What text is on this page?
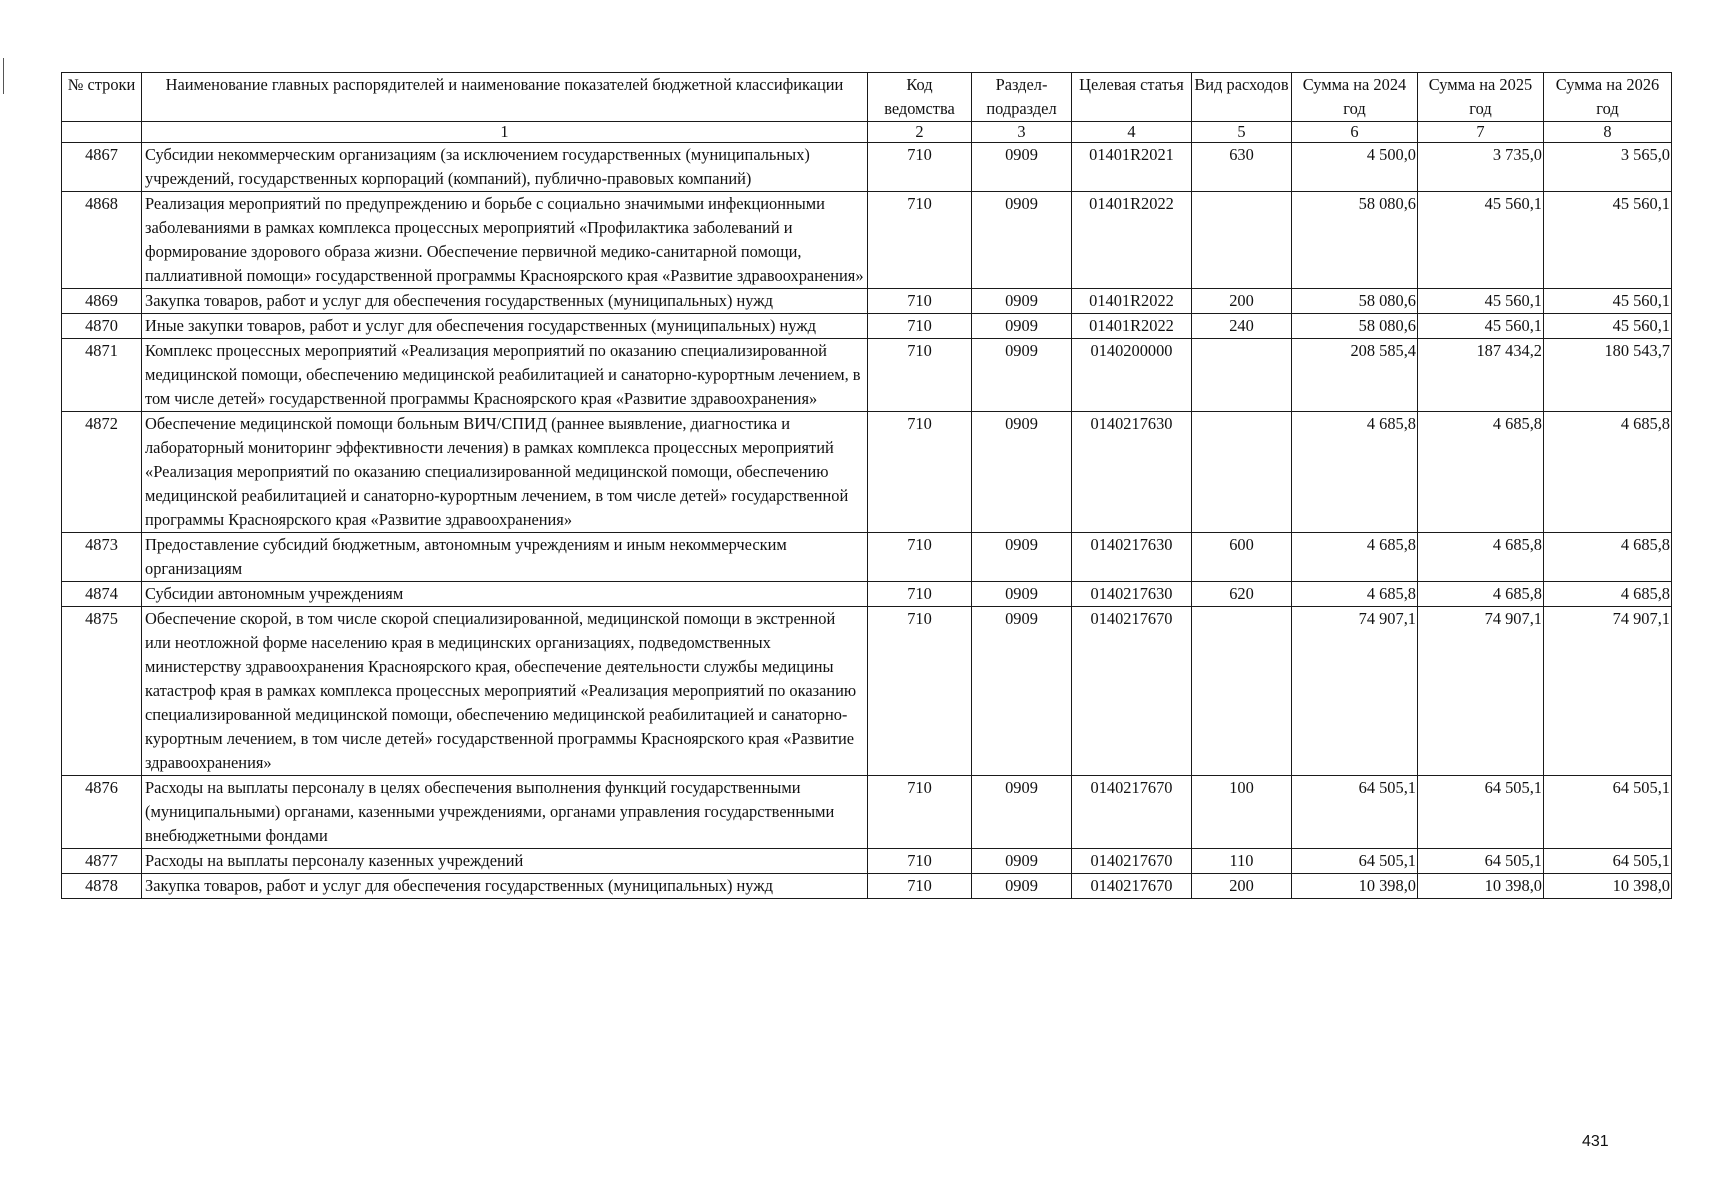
№ строки	Наименование главных распорядителей и наименование показателей бюджетной классификации	Код ведомства	Раздел-подраздел	Целевая статья	Вид расходов	Сумма на 2024 год	Сумма на 2025 год	Сумма на 2026 год
	1	2	3	4	5	6	7	8
4867	Субсидии некоммерческим организациям (за исключением государственных (муниципальных) учреждений, государственных корпораций (компаний), публично-правовых компаний)	710	0909	01401R2021	630	4 500,0	3 735,0	3 565,0
4868	Реализация мероприятий по предупреждению и борьбе с социально значимыми инфекционными заболеваниями в рамках комплекса процессных мероприятий «Профилактика заболеваний и формирование здорового образа жизни. Обеспечение первичной медико-санитарной помощи, паллиативной помощи» государственной программы Красноярского края «Развитие здравоохранения»	710	0909	01401R2022		58 080,6	45 560,1	45 560,1
4869	Закупка товаров, работ и услуг для обеспечения государственных (муниципальных) нужд	710	0909	01401R2022	200	58 080,6	45 560,1	45 560,1
4870	Иные закупки товаров, работ и услуг для обеспечения государственных (муниципальных) нужд	710	0909	01401R2022	240	58 080,6	45 560,1	45 560,1
4871	Комплекс процессных мероприятий «Реализация мероприятий по оказанию специализированной медицинской помощи, обеспечению медицинской реабилитацией и санаторно-курортным лечением, в том числе детей» государственной программы Красноярского края «Развитие здравоохранения»	710	0909	0140200000		208 585,4	187 434,2	180 543,7
4872	Обеспечение медицинской помощи больным ВИЧ/СПИД (раннее выявление, диагностика и лабораторный мониторинг эффективности лечения) в рамках комплекса процессных мероприятий «Реализация мероприятий по оказанию специализированной медицинской помощи, обеспечению медицинской реабилитацией и санаторно-курортным лечением, в том числе детей» государственной программы Красноярского края «Развитие здравоохранения»	710	0909	0140217630		4 685,8	4 685,8	4 685,8
4873	Предоставление субсидий бюджетным, автономным учреждениям и иным некоммерческим организациям	710	0909	0140217630	600	4 685,8	4 685,8	4 685,8
4874	Субсидии автономным учреждениям	710	0909	0140217630	620	4 685,8	4 685,8	4 685,8
4875	Обеспечение скорой, в том числе скорой специализированной, медицинской помощи в экстренной или неотложной форме населению края в медицинских организациях, подведомственных министерству здравоохранения Красноярского края, обеспечение деятельности службы медицины катастроф края в рамках комплекса процессных мероприятий «Реализация мероприятий по оказанию специализированной медицинской помощи, обеспечению медицинской реабилитацией и санаторно-курортным лечением, в том числе детей» государственной программы Красноярского края «Развитие здравоохранения»	710	0909	0140217670		74 907,1	74 907,1	74 907,1
4876	Расходы на выплаты персоналу в целях обеспечения выполнения функций государственными (муниципальными) органами, казенными учреждениями, органами управления государственными внебюджетными фондами	710	0909	0140217670	100	64 505,1	64 505,1	64 505,1
4877	Расходы на выплаты персоналу казенных учреждений	710	0909	0140217670	110	64 505,1	64 505,1	64 505,1
4878	Закупка товаров, работ и услуг для обеспечения государственных (муниципальных) нужд	710	0909	0140217670	200	10 398,0	10 398,0	10 398,0
431
